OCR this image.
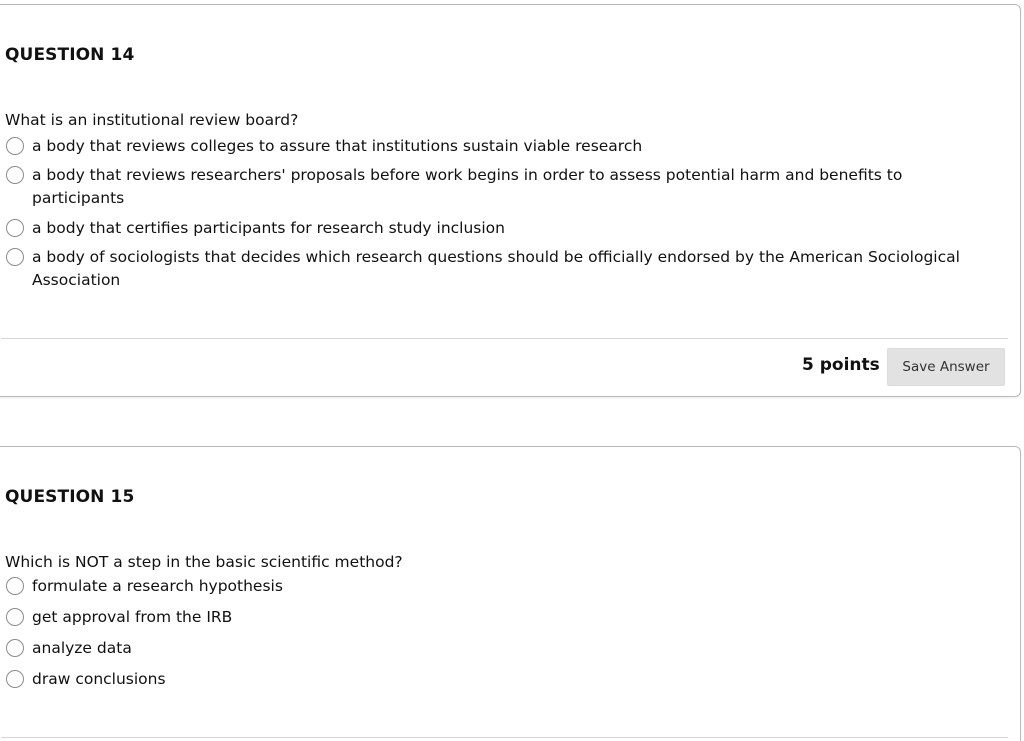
QUESTION 14

What is an institutional review board?

a body that reviews colleges to assure that institutions sustain viable research
a body that reviews researchers' proposals before work begins in order to assess potential harm and benefits to participants
a body that certifies participants for research study inclusion
a body of sociologists that decides which research questions should be officially endorsed by the American Sociological Association
5 points	Save Answer
QUESTION 15

Which is NOT a step in the basic scientific method?

formulate a research hypothesis
get approval from the IRB
analyze data
draw conclusions
